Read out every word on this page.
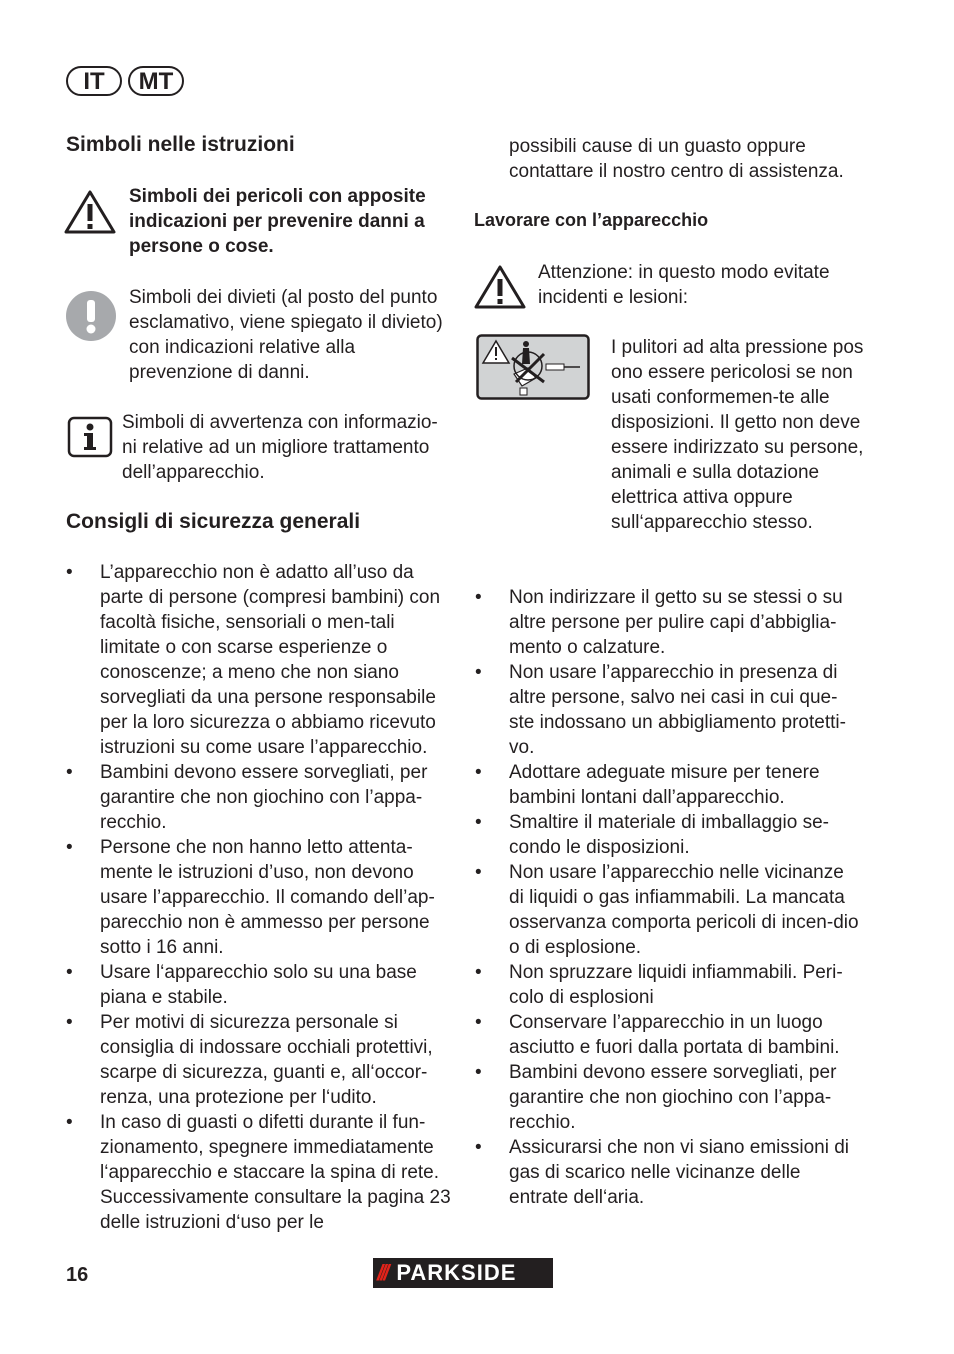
IT	MT
Simboli nelle istruzioni

Simboli dei pericoli con apposite indicazioni per prevenire danni a persone o cose.

Simboli dei divieti (al posto del punto esclamativo, viene spiegato il divieto) con indicazioni relative alla prevenzione di danni.

Simboli di avvertenza con informazio-ni relative ad un migliore trattamento dell’apparecchio.

Consigli di sicurezza generali
• L’apparecchio non è adatto all’uso da parte di persone (compresi bambini) con facoltà fisiche, sensoriali o men-tali limitate o con scarse esperienze o conoscenze; a meno che non siano sorvegliati da una persone responsabile per la loro sicurezza o abbiamo ricevuto istruzioni su come usare l’apparecchio.
• Bambini devono essere sorvegliati, per garantire che non giochino con l’appa-recchio.
• Persone che non hanno letto attenta-mente le istruzioni d’uso, non devono usare l’apparecchio. Il comando dell’ap-parecchio non è ammesso per persone sotto i 16 anni.
• Usare l‘apparecchio solo su una base piana e stabile.
• Per motivi di sicurezza personale si consiglia di indossare occhiali protettivi, scarpe di sicurezza, guanti e, all‘occor-renza, una protezione per l‘udito.
• In caso di guasti o difetti durante il fun-zionamento, spegnere immediatamente l‘apparecchio e staccare la spina di rete. Successivamente consultare la pagina 23 delle istruzioni d‘uso per le

possibili cause di un guasto oppure contattare il nostro centro di assistenza.

Lavorare con l’apparecchio

Attenzione: in questo modo evitate incidenti e lesioni:

I pulitori ad alta pressione pos ono essere pericolosi se non usati conformemen-te alle disposizioni. Il getto non deve essere indirizzato su persone, animali e sulla dotazione elettrica attiva oppure sull‘apparecchio stesso.

• Non indirizzare il getto su se stessi o su altre persone per pulire capi d’abbiglia-mento o calzature.
• Non usare l’apparecchio in presenza di altre persone, salvo nei casi in cui que-ste indossano un abbigliamento protetti-vo.
• Adottare adeguate misure per tenere bambini lontani dall’apparecchio.
• Smaltire il materiale di imballaggio se-condo le disposizioni.
• Non usare l’apparecchio nelle vicinanze di liquidi o gas infiammabili. La mancata osservanza comporta pericoli di incen-dio o di esplosione.
• Non spruzzare liquidi infiammabili. Peri-colo di esplosioni
• Conservare l’apparecchio in un luogo asciutto e fuori dalla portata di bambini.
• Bambini devono essere sorvegliati, per garantire che non giochino con l’appa-recchio.
• Assicurarsi che non vi siano emissioni di gas di scarico nelle vicinanze delle entrate dell‘aria.
16	/// PARKSIDE
